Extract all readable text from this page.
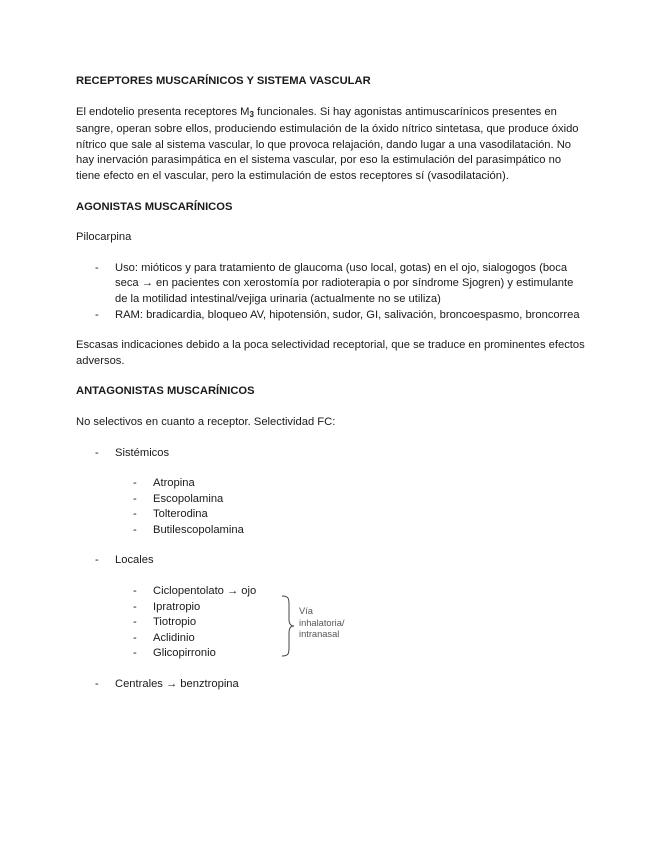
RECEPTORES MUSCARÍNICOS Y SISTEMA VASCULAR

El endotelio presenta receptores $M_3$ funcionales. Si hay agonistas antimuscarínicos presentes en sangre, operan sobre ellos, produciendo estimulación de la óxido nítrico sintetasa, que produce óxido nítrico que sale al sistema vascular, lo que provoca relajación, dando lugar a una vasodilatación. No hay inervación parasimpática en el sistema vascular, por eso la estimulación del parasimpático no tiene efecto en el vascular, pero la estimulación de estos receptores sí (vasodilatación).

AGONISTAS MUSCARÍNICOS

Pilocarpina

- Uso: mióticos y para tratamiento de glaucoma (uso local, gotas) en el ojo, sialogogos (boca seca → en pacientes con xerostomía por radioterapia o por síndrome Sjogren) y estimulante de la motilidad intestinal/vejiga urinaria (actualmente no se utiliza)
- RAM: bradicardia, bloqueo AV, hipotensión, sudor, GI, salivación, broncoespasmo, broncorrea

Escasas indicaciones debido a la poca selectividad receptorial, que se traduce en prominentes efectos adversos.

ANTAGONISTAS MUSCARÍNICOS

No selectivos en cuanto a receptor. Selectividad FC:

- Sistémicos
- Atropina
- Escopolamina
- Tolterodina
- Butilescopolamina
- Locales
- Ciclopentolato → ojo
- Ipratropio
- Tiotropio
- Aclidinio
- Glicopirronio
Vía inhalatoria/ intranasal
- Centrales → benztropina
